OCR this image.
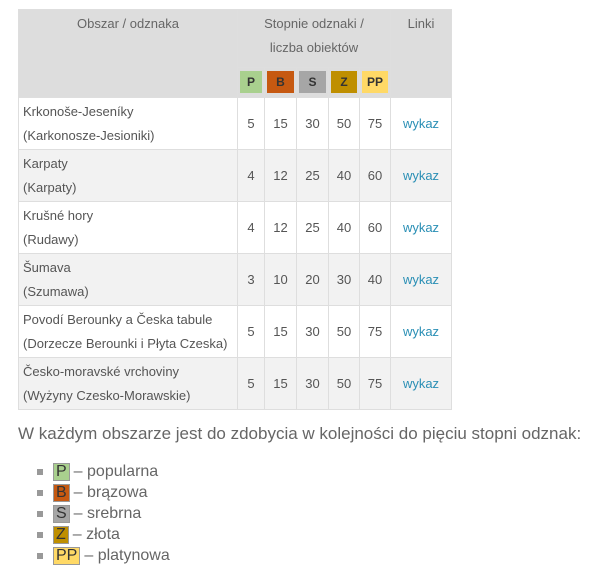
Obszar / odznaka	Stopnie odznaki /
liczba obiektów					Linki

	P	B	S	Z	PP	

Krkonoše-Jeseníky
(Karkonosze-Jesioniki)	5	15	30	50	75	wykaz
Karpaty
(Karpaty)	4	12	25	40	60	wykaz
Krušné hory
(Rudawy)	4	12	25	40	60	wykaz
Šumava
(Szumawa)	3	10	20	30	40	wykaz
Povodí Berounky a Česka tabule
(Dorzecze Berounki i Płyta Czeska)	5	15	30	50	75	wykaz
Česko-moravské vrchoviny
(Wyżyny Czesko-Morawskie)	5	15	30	50	75	wykaz

W każdym obszarze jest do zdobycia w kolejności do pięciu stopni odznak:

P – popularna
B – brązowa
S – srebrna
Z – złota
PP – platynowa
